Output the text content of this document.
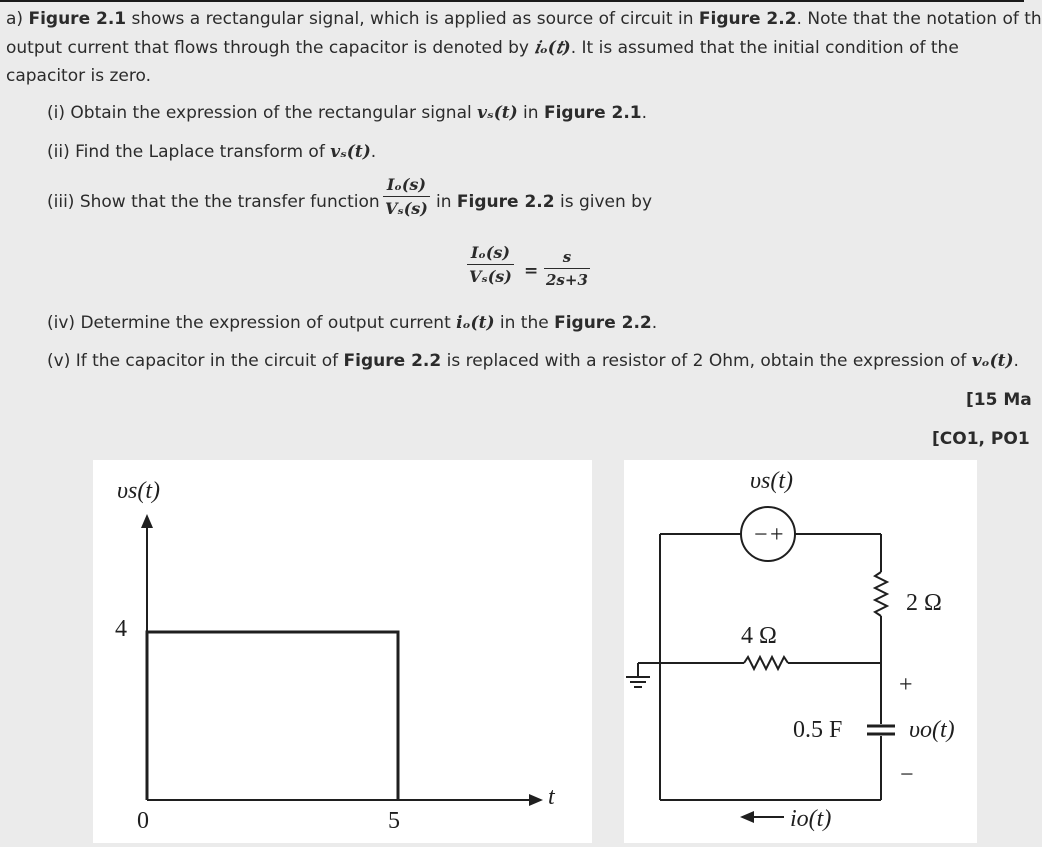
a) Figure 2.1 shows a rectangular signal, which is applied as source of circuit in Figure 2.2. Note that the notation of th
output current that flows through the capacitor is denoted by 𝑖ₒ(𝑡). It is assumed that the initial condition of the
capacitor is zero.
(i) Obtain the expression of the rectangular signal 𝒗ₛ(𝒕) in Figure 2.1.
(ii) Find the Laplace transform of 𝒗ₛ(𝒕).
(iii) Show that the the transfer function
Iₒ(s)
Vₛ(s) in Figure 2.2 is given by
Iₒ(s)
Vₛ(s) =
s
2s+3
(iv) Determine the expression of output current 𝒊ₒ(𝒕) in the Figure 2.2.
(v) If the capacitor in the circuit of Figure 2.2 is replaced with a resistor of 2 Ohm, obtain the expression of 𝒗ₒ(𝒕).
[15 Ma
[CO1, PO1
υs(t)
4
0	5
t
υs(t)
− +
2 Ω
4 Ω
+
0.5 F	υo(t)
−
io(t)
